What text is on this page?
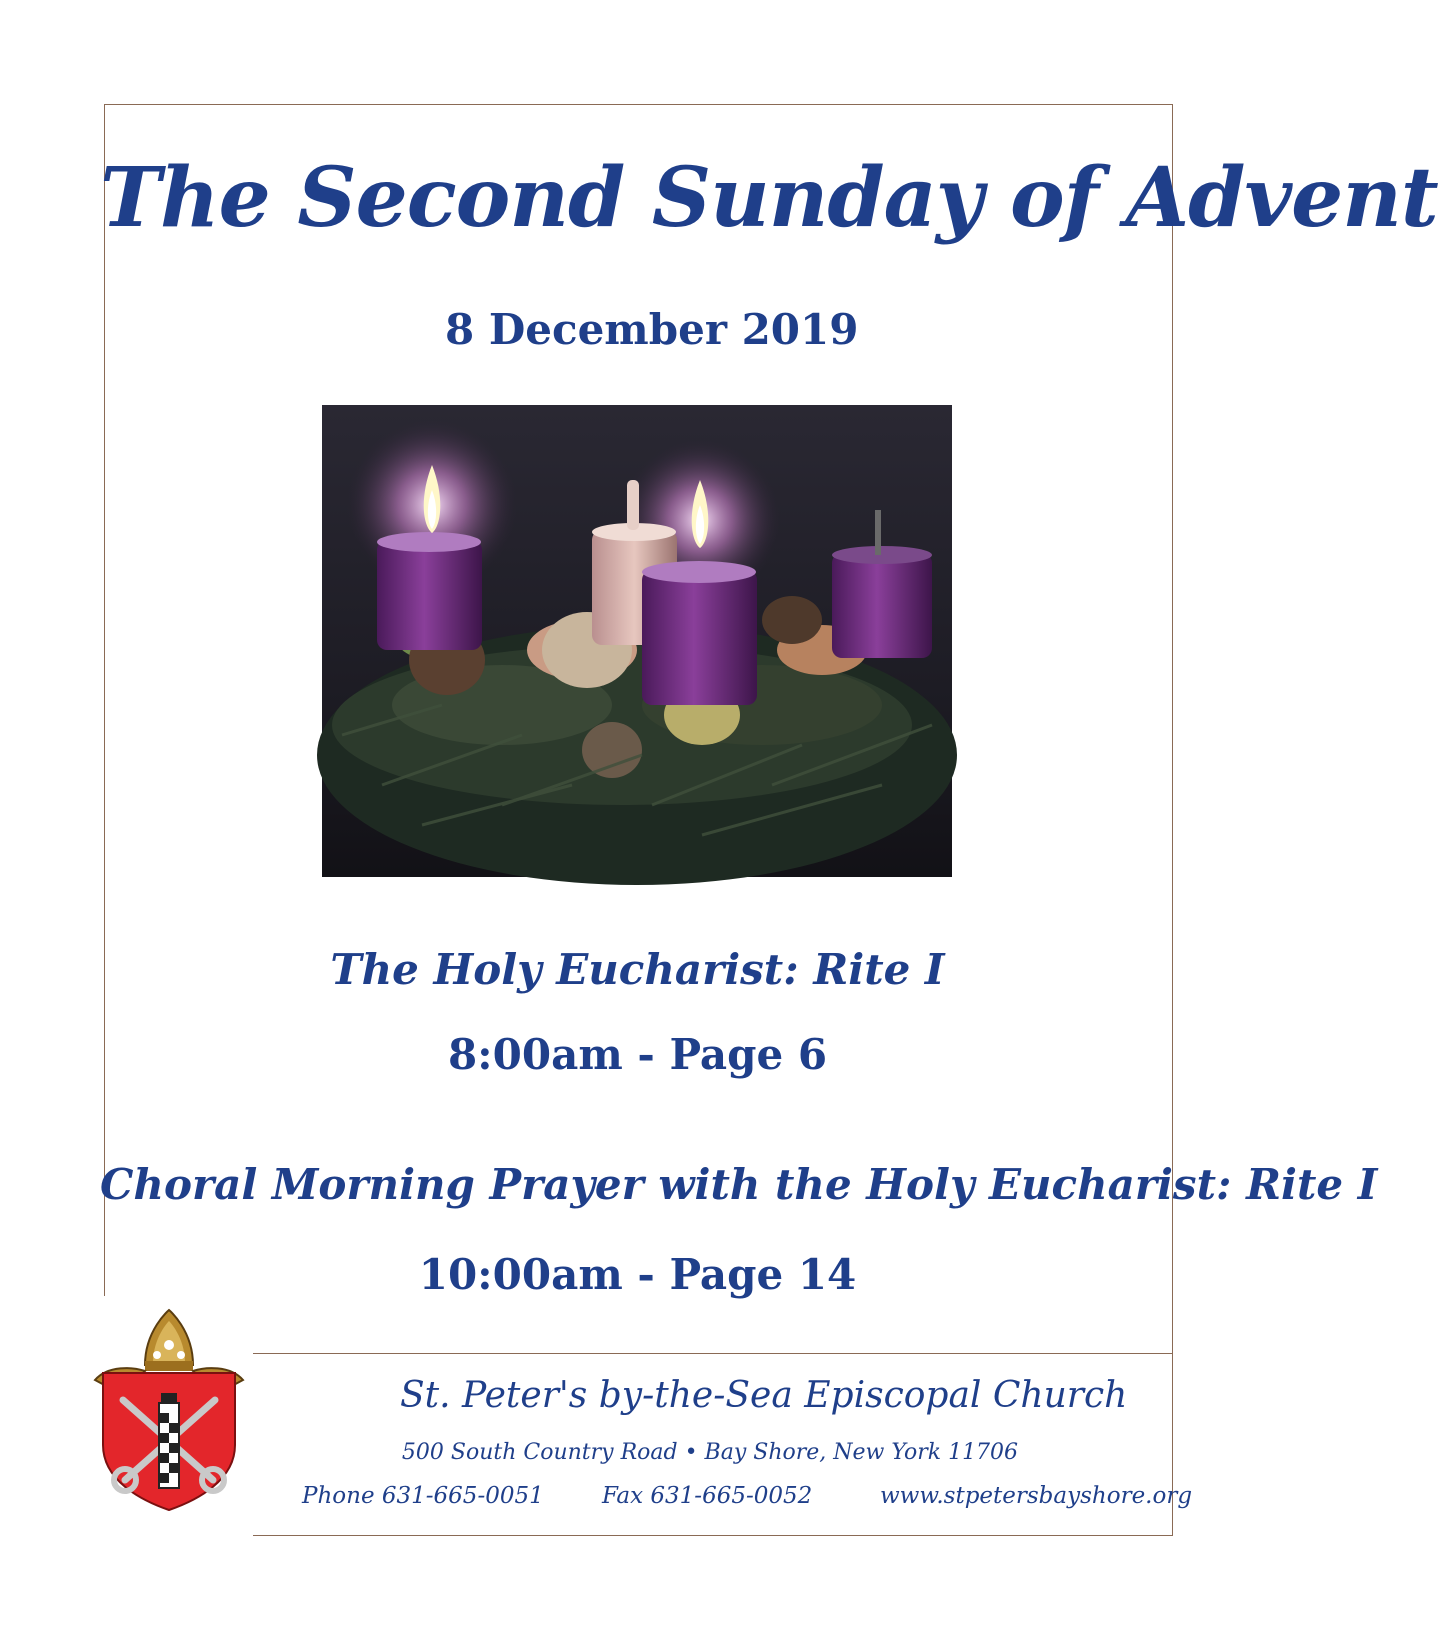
The Second Sunday of Advent
8 December 2019
The Holy Eucharist: Rite I
8:00am - Page 6
Choral Morning Prayer with the Holy Eucharist: Rite I
10:00am - Page 14
St. Peter's by-the-Sea Episcopal Church
500 South Country Road • Bay Shore, New York 11706
Phone 631-665-0051	Fax 631-665-0052	www.stpetersbayshore.org
